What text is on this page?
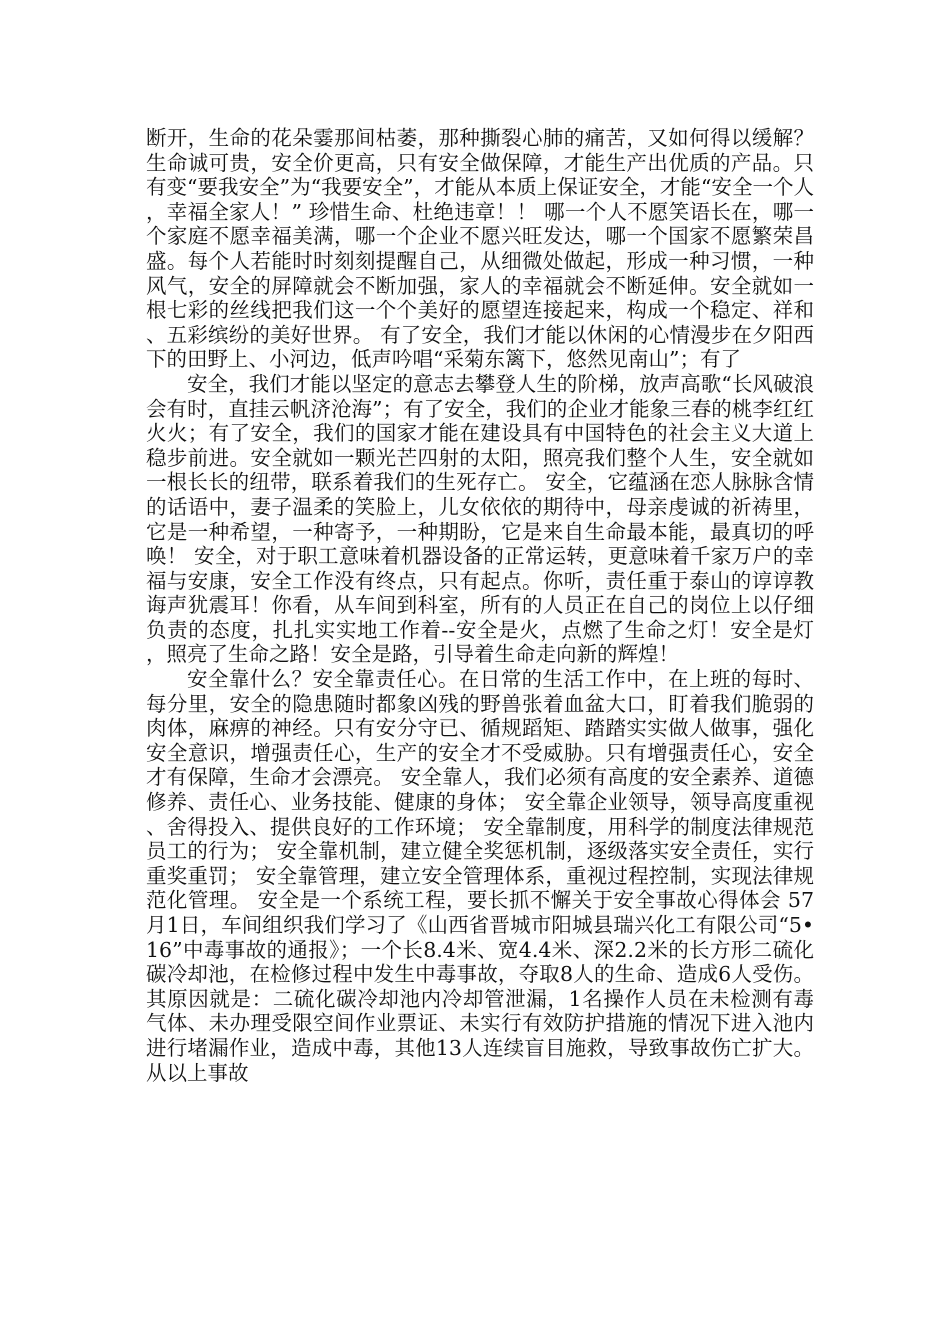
断开，生命的花朵霎那间枯萎，那种撕裂心肺的痛苦，又如何得以缓解？ 生命诚可贵，安全价更高，只有安全做保障，才能生产出优质的产品。只有变“要我安全”为“我要安全”，才能从本质上保证安全，才能“安全一个人，幸福全家人！” 珍惜生命、杜绝违章！！ 哪一个人不愿笑语长在，哪一个家庭不愿幸福美满，哪一个企业不愿兴旺发达，哪一个国家不愿繁荣昌盛。每个人若能时时刻刻提醒自己，从细微处做起，形成一种习惯，一种风气，安全的屏障就会不断加强，家人的幸福就会不断延伸。安全就如一根七彩的丝线把我们这一个个美好的愿望连接起来，构成一个稳定、祥和、五彩缤纷的美好世界。 有了安全，我们才能以休闲的心情漫步在夕阳西下的田野上、小河边，低声吟唱“采菊东篱下，悠然见南山”；有了

安全，我们才能以坚定的意志去攀登人生的阶梯，放声高歌“长风破浪会有时，直挂云帆济沧海”；有了安全，我们的企业才能象三春的桃李红红火火；有了安全，我们的国家才能在建设具有中国特色的社会主义大道上稳步前进。安全就如一颗光芒四射的太阳，照亮我们整个人生，安全就如一根长长的纽带，联系着我们的生死存亡。 安全，它蕴涵在恋人脉脉含情的话语中，妻子温柔的笑脸上，儿女依依的期待中，母亲虔诚的祈祷里，它是一种希望，一种寄予，一种期盼，它是来自生命最本能，最真切的呼唤！ 安全，对于职工意味着机器设备的正常运转，更意味着千家万户的幸福与安康，安全工作没有终点，只有起点。你听，责任重于泰山的谆谆教诲声犹震耳！你看，从车间到科室，所有的人员正在自己的岗位上以仔细负责的态度，扎扎实实地工作着--安全是火，点燃了生命之灯！安全是灯，照亮了生命之路！安全是路，引导着生命走向新的辉煌！

安全靠什么？安全靠责任心。在日常的生活工作中，在上班的每时、每分里，安全的隐患随时都象凶残的野兽张着血盆大口，盯着我们脆弱的肉体，麻痹的神经。只有安分守已、循规蹈矩、踏踏实实做人做事，强化安全意识，增强责任心，生产的安全才不受威胁。只有增强责任心，安全才有保障，生命才会漂亮。 安全靠人，我们必须有高度的安全素养、道德修养、责任心、业务技能、健康的身体； 安全靠企业领导，领导高度重视、舍得投入、提供良好的工作环境； 安全靠制度，用科学的制度法律规范员工的行为； 安全靠机制，建立健全奖惩机制，逐级落实安全责任，实行重奖重罚； 安全靠管理，建立安全管理体系，重视过程控制，实现法律规范化管理。 安全是一个系统工程，要长抓不懈关于安全事故心得体会 57月1日，车间组织我们学习了《山西省晋城市阳城县瑞兴化工有限公司“5•16”中毒事故的通报》；一个长8.4米、宽4.4米、深2.2米的长方形二硫化碳冷却池，在检修过程中发生中毒事故，夺取8人的生命、造成6人受伤。其原因就是：二硫化碳冷却池内冷却管泄漏，1名操作人员在未检测有毒气体、未办理受限空间作业票证、未实行有效防护措施的情况下进入池内进行堵漏作业，造成中毒，其他13人连续盲目施救，导致事故伤亡扩大。 从以上事故
